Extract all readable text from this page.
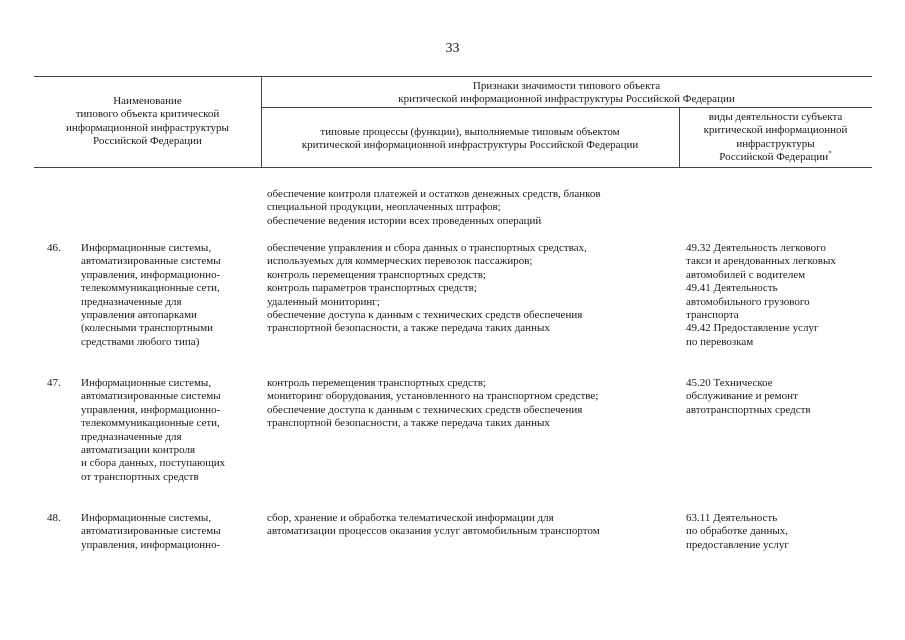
33
Наименование
типового объекта критической
информационной инфраструктуры
Российской Федерации
Признаки значимости типового объекта
критической информационной инфраструктуры Российской Федерации
типовые процессы (функции), выполняемые типовым объектом
критической информационной инфраструктуры Российской Федерации
виды деятельности субъекта
критической информационной
инфраструктуры
Российской Федерации*
обеспечение контроля платежей и остатков денежных средств, бланков
специальной продукции, неоплаченных штрафов;
обеспечение ведения истории всех проведенных операций
46. Информационные системы,
автоматизированные системы
управления, информационно-
телекоммуникационные сети,
предназначенные для
управления автопарками
(колесными транспортными
средствами любого типа)
обеспечение управления и сбора данных о транспортных средствах,
используемых для коммерческих перевозок пассажиров;
контроль перемещения транспортных средств;
контроль параметров транспортных средств;
удаленный мониторинг;
обеспечение доступа к данным с технических средств обеспечения
транспортной безопасности, а также передача таких данных
49.32 Деятельность легкового
такси и арендованных легковых
автомобилей с водителем
49.41 Деятельность
автомобильного грузового
транспорта
49.42 Предоставление услуг
по перевозкам
47. Информационные системы,
автоматизированные системы
управления, информационно-
телекоммуникационные сети,
предназначенные для
автоматизации контроля
и сбора данных, поступающих
от транспортных средств
контроль перемещения транспортных средств;
мониторинг оборудования, установленного на транспортном средстве;
обеспечение доступа к данным с технических средств обеспечения
транспортной безопасности, а также передача таких данных
45.20 Техническое
обслуживание и ремонт
автотранспортных средств
48. Информационные системы,
автоматизированные системы
управления, информационно-
сбор, хранение и обработка телематической информации для
автоматизации процессов оказания услуг автомобильным транспортом
63.11 Деятельность
по обработке данных,
предоставление услуг
